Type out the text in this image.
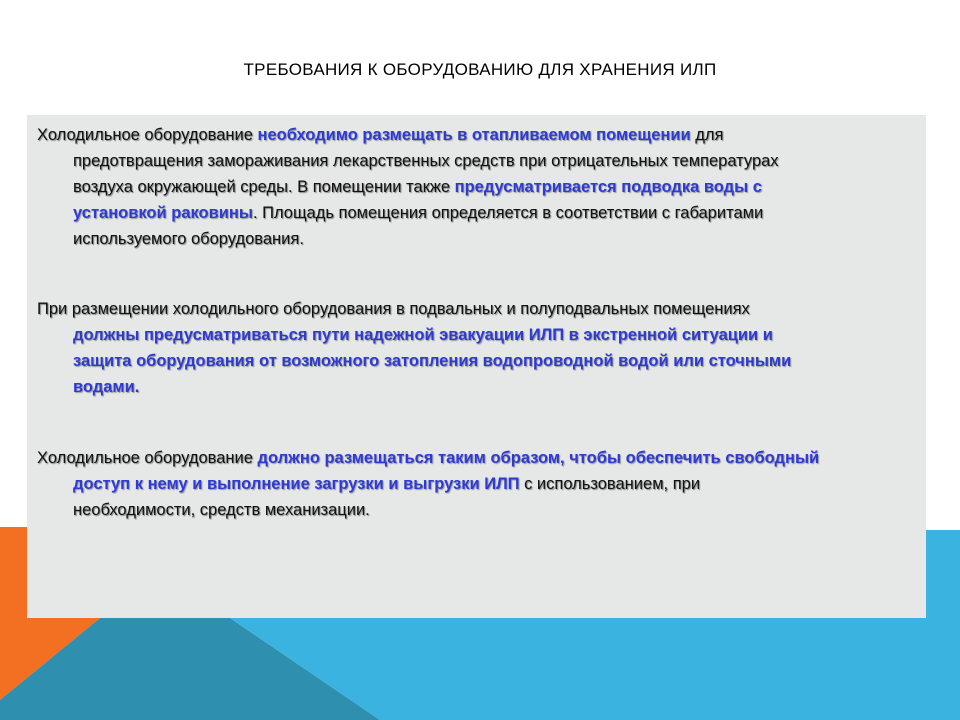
ТРЕБОВАНИЯ К ОБОРУДОВАНИЮ ДЛЯ ХРАНЕНИЯ ИЛП
Холодильное оборудование необходимо размещать в отапливаемом помещении для
предотвращения замораживания лекарственных средств при отрицательных температурах
воздуха окружающей среды. В помещении также предусматривается подводка воды с
установкой раковины. Площадь помещения определяется в соответствии с габаритами
используемого оборудования.
При размещении холодильного оборудования в подвальных и полуподвальных помещениях
должны предусматриваться пути надежной эвакуации ИЛП в экстренной ситуации и
защита оборудования от возможного затопления водопроводной водой или сточными
водами.
Холодильное оборудование должно размещаться таким образом, чтобы обеспечить свободный
доступ к нему и выполнение загрузки и выгрузки ИЛП с использованием, при
необходимости, средств механизации.
